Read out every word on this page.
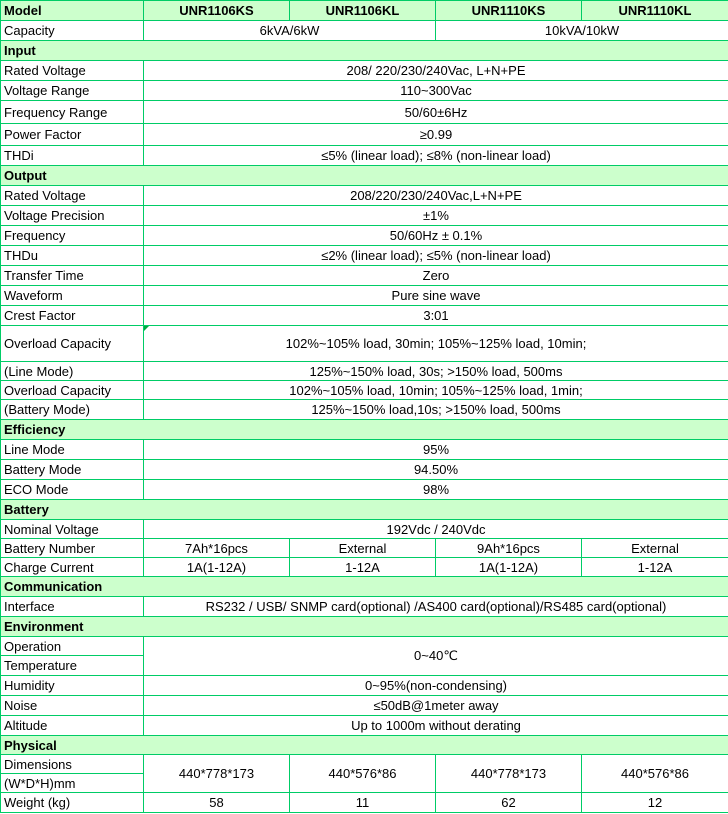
Model	UNR1106KS	UNR1106KL	UNR1110KS	UNR1110KL
Capacity	6kVA/6kW		10kVA/10kW	
Input				
Rated Voltage	208/ 220/230/240Vac, L+N+PE			
Voltage Range	110~300Vac			
Frequency Range	50/60±6Hz			
Power Factor	≥0.99			
THDi	≤5% (linear load); ≤8% (non-linear load)			
Output				
Rated Voltage	208/220/230/240Vac,L+N+PE			
Voltage Precision	±1%			
Frequency	50/60Hz ± 0.1%			
THDu	≤2% (linear load); ≤5% (non-linear load)			
Transfer Time	Zero			
Waveform	Pure sine wave			
Crest Factor	3:01			
Overload Capacity	102%~105% load, 30min; 105%~125% load, 10min;			
(Line Mode)	125%~150% load, 30s; >150% load, 500ms			
Overload Capacity	102%~105% load, 10min; 105%~125% load, 1min;			
(Battery Mode)	125%~150% load,10s; >150% load, 500ms			
Efficiency				
Line Mode	95%			
Battery Mode	94.50%			
ECO Mode	98%			
Battery				
Nominal Voltage	192Vdc / 240Vdc			
Battery Number	7Ah*16pcs	External	9Ah*16pcs	External
Charge Current	1A(1-12A)	1-12A	1A(1-12A)	1-12A
Communication				
Interface	RS232 / USB/ SNMP card(optional) /AS400 card(optional)/RS485 card(optional)			
Environment				
Operation	0~40℃			
Temperature				
Humidity	0~95%(non-condensing)			
Noise	≤50dB@1meter away			
Altitude	Up to 1000m without derating			
Physical				
Dimensions	440*778*173	440*576*86	440*778*173	440*576*86
(W*D*H)mm				
Weight (kg)	58	11	62	12
